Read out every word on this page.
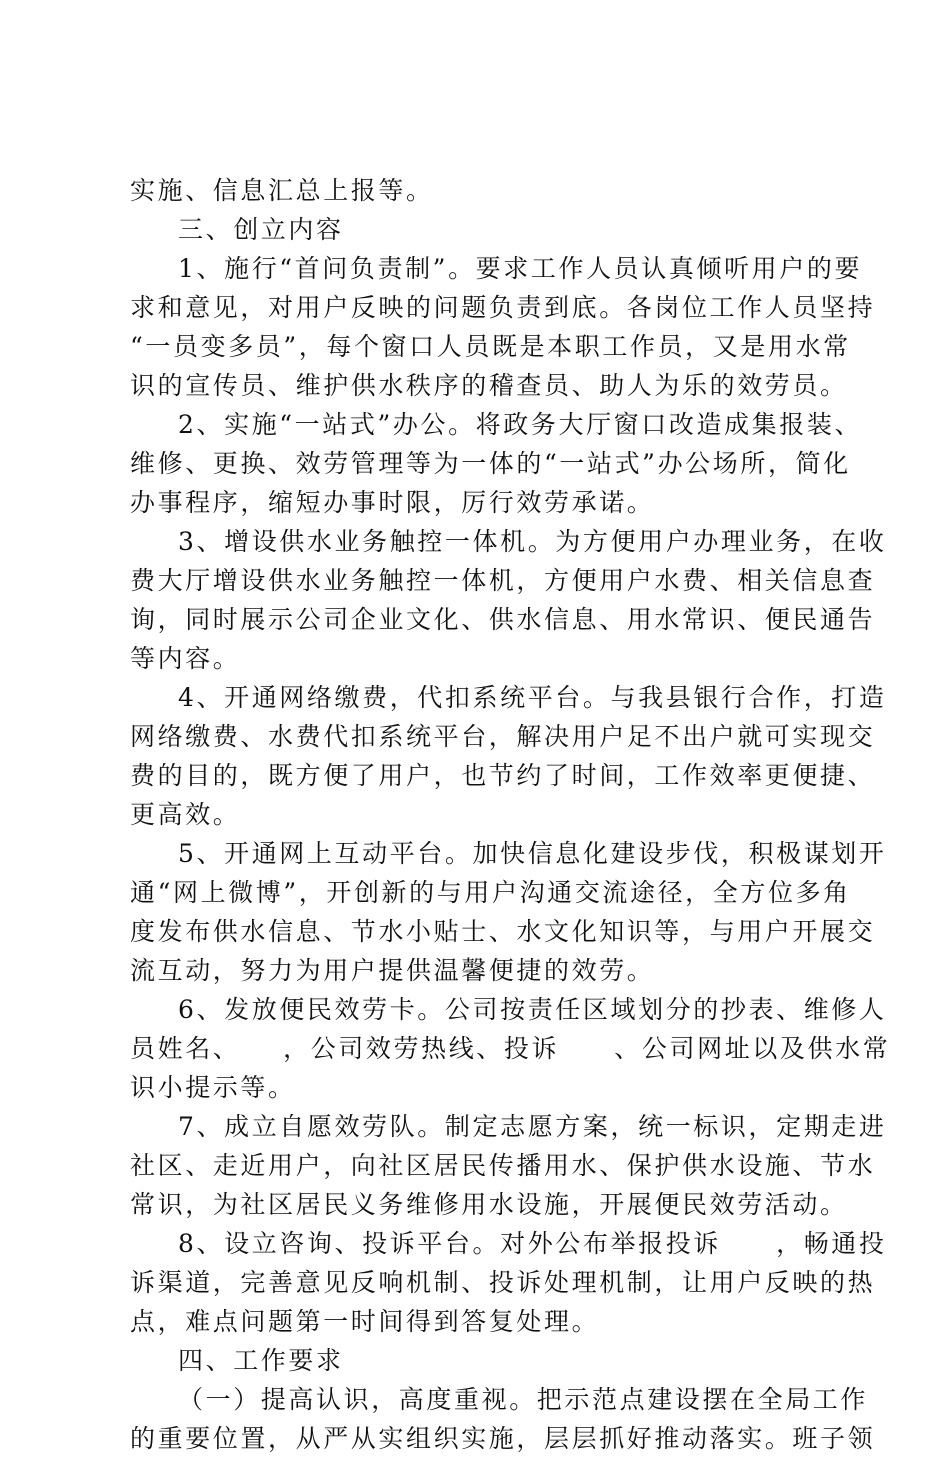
实施、信息汇总上报等。
三、创立内容
1、施行“首问负责制”。要求工作人员认真倾听用户的要
求和意见，对用户反映的问题负责到底。各岗位工作人员坚持
“一员变多员”，每个窗口人员既是本职工作员，又是用水常
识的宣传员、维护供水秩序的稽查员、助人为乐的效劳员。
2、实施“一站式”办公。将政务大厅窗口改造成集报装、
维修、更换、效劳管理等为一体的“一站式”办公场所，简化
办事程序，缩短办事时限，厉行效劳承诺。
3、增设供水业务触控一体机。为方便用户办理业务，在收
费大厅增设供水业务触控一体机，方便用户水费、相关信息查
询，同时展示公司企业文化、供水信息、用水常识、便民通告
等内容。
4、开通网络缴费，代扣系统平台。与我县银行合作，打造
网络缴费、水费代扣系统平台，解决用户足不出户就可实现交
费的目的，既方便了用户，也节约了时间，工作效率更便捷、
更高效。
5、开通网上互动平台。加快信息化建设步伐，积极谋划开
通“网上微博”，开创新的与用户沟通交流途径，全方位多角
度发布供水信息、节水小贴士、水文化知识等，与用户开展交
流互动，努力为用户提供温馨便捷的效劳。
6、发放便民效劳卡。公司按责任区域划分的抄表、维修人
员姓名、　　，公司效劳热线、投诉　　、公司网址以及供水常
识小提示等。
7、成立自愿效劳队。制定志愿方案，统一标识，定期走进
社区、走近用户，向社区居民传播用水、保护供水设施、节水
常识，为社区居民义务维修用水设施，开展便民效劳活动。
8、设立咨询、投诉平台。对外公布举报投诉　　，畅通投
诉渠道，完善意见反响机制、投诉处理机制，让用户反映的热
点，难点问题第一时间得到答复处理。
四、工作要求
（一）提高认识，高度重视。把示范点建设摆在全局工作
的重要位置，从严从实组织实施，层层抓好推动落实。班子领
